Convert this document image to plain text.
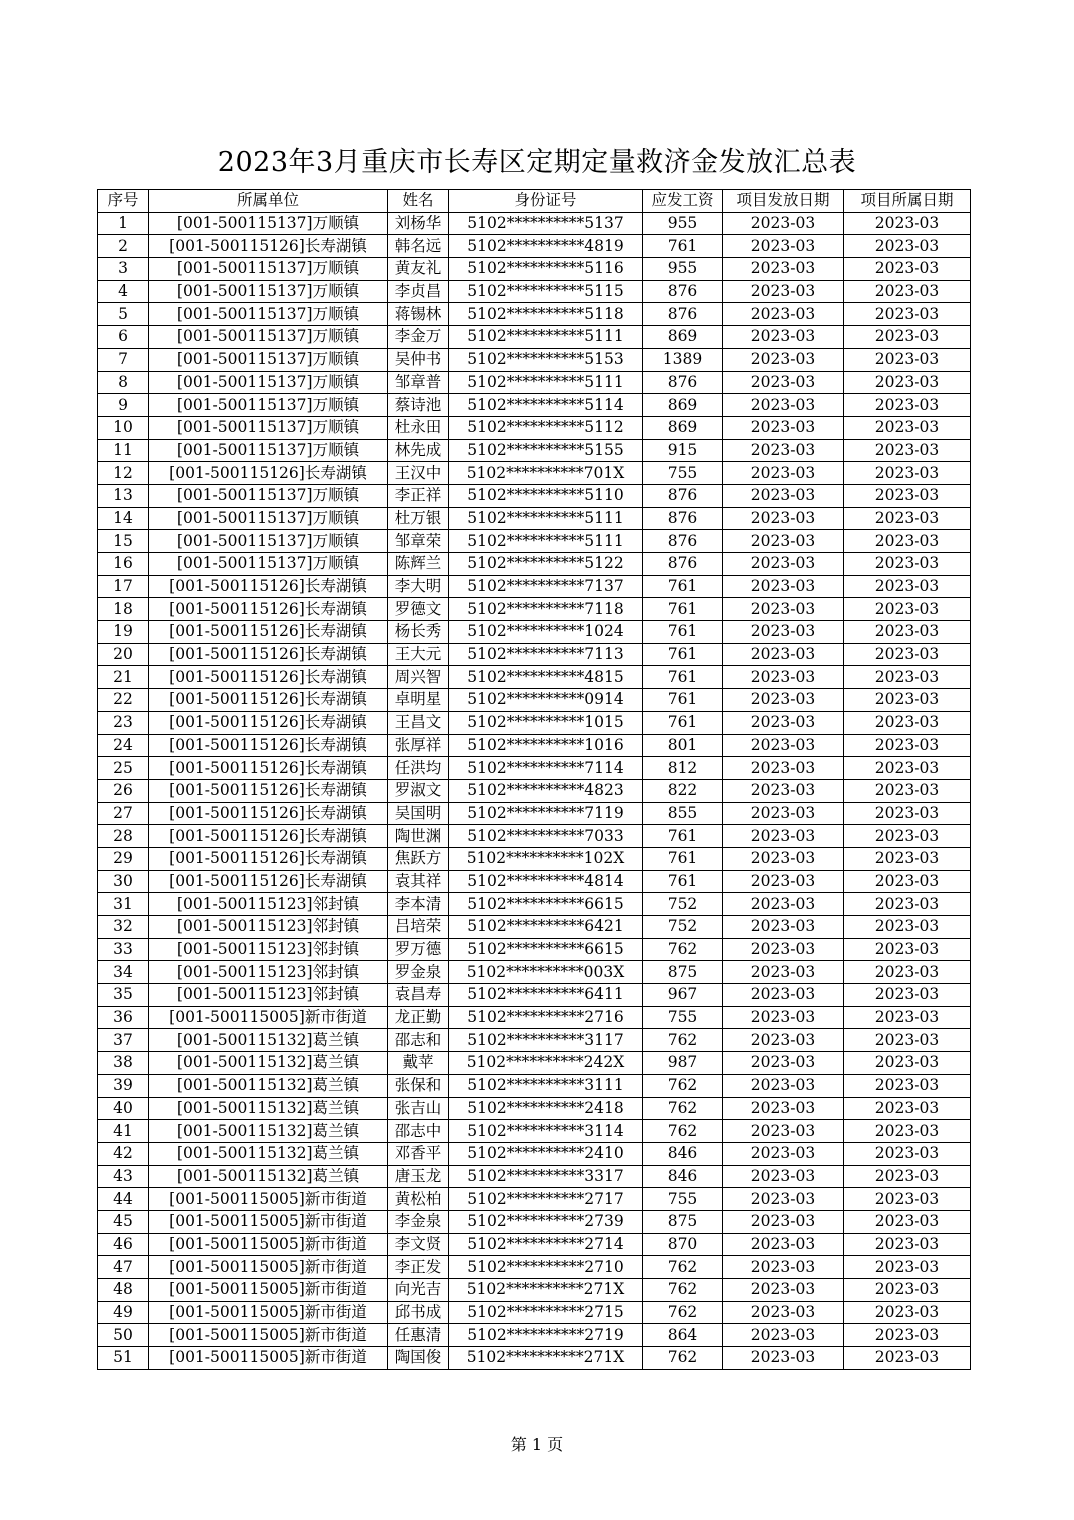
2023年3月重庆市长寿区定期定量救济金发放汇总表
序号	所属单位	姓名	身份证号	应发工资	项目发放日期	项目所属日期
1	[001-500115137]万顺镇	刘杨华	5102**********5137	955	2023-03	2023-03
2	[001-500115126]长寿湖镇	韩名远	5102**********4819	761	2023-03	2023-03
3	[001-500115137]万顺镇	黄友礼	5102**********5116	955	2023-03	2023-03
4	[001-500115137]万顺镇	李贞昌	5102**********5115	876	2023-03	2023-03
5	[001-500115137]万顺镇	蒋锡林	5102**********5118	876	2023-03	2023-03
6	[001-500115137]万顺镇	李金万	5102**********5111	869	2023-03	2023-03
7	[001-500115137]万顺镇	吴仲书	5102**********5153	1389	2023-03	2023-03
8	[001-500115137]万顺镇	邹章普	5102**********5111	876	2023-03	2023-03
9	[001-500115137]万顺镇	蔡诗池	5102**********5114	869	2023-03	2023-03
10	[001-500115137]万顺镇	杜永田	5102**********5112	869	2023-03	2023-03
11	[001-500115137]万顺镇	林先成	5102**********5155	915	2023-03	2023-03
12	[001-500115126]长寿湖镇	王汉中	5102**********701X	755	2023-03	2023-03
13	[001-500115137]万顺镇	李正祥	5102**********5110	876	2023-03	2023-03
14	[001-500115137]万顺镇	杜万银	5102**********5111	876	2023-03	2023-03
15	[001-500115137]万顺镇	邹章荣	5102**********5111	876	2023-03	2023-03
16	[001-500115137]万顺镇	陈辉兰	5102**********5122	876	2023-03	2023-03
17	[001-500115126]长寿湖镇	李大明	5102**********7137	761	2023-03	2023-03
18	[001-500115126]长寿湖镇	罗德文	5102**********7118	761	2023-03	2023-03
19	[001-500115126]长寿湖镇	杨长秀	5102**********1024	761	2023-03	2023-03
20	[001-500115126]长寿湖镇	王大元	5102**********7113	761	2023-03	2023-03
21	[001-500115126]长寿湖镇	周兴智	5102**********4815	761	2023-03	2023-03
22	[001-500115126]长寿湖镇	卓明星	5102**********0914	761	2023-03	2023-03
23	[001-500115126]长寿湖镇	王昌文	5102**********1015	761	2023-03	2023-03
24	[001-500115126]长寿湖镇	张厚祥	5102**********1016	801	2023-03	2023-03
25	[001-500115126]长寿湖镇	任洪均	5102**********7114	812	2023-03	2023-03
26	[001-500115126]长寿湖镇	罗淑文	5102**********4823	822	2023-03	2023-03
27	[001-500115126]长寿湖镇	吴国明	5102**********7119	855	2023-03	2023-03
28	[001-500115126]长寿湖镇	陶世渊	5102**********7033	761	2023-03	2023-03
29	[001-500115126]长寿湖镇	焦跃方	5102**********102X	761	2023-03	2023-03
30	[001-500115126]长寿湖镇	袁其祥	5102**********4814	761	2023-03	2023-03
31	[001-500115123]邻封镇	李本清	5102**********6615	752	2023-03	2023-03
32	[001-500115123]邻封镇	吕培荣	5102**********6421	752	2023-03	2023-03
33	[001-500115123]邻封镇	罗万德	5102**********6615	762	2023-03	2023-03
34	[001-500115123]邻封镇	罗金泉	5102**********003X	875	2023-03	2023-03
35	[001-500115123]邻封镇	袁昌寿	5102**********6411	967	2023-03	2023-03
36	[001-500115005]新市街道	龙正勤	5102**********2716	755	2023-03	2023-03
37	[001-500115132]葛兰镇	邵志和	5102**********3117	762	2023-03	2023-03
38	[001-500115132]葛兰镇	戴苹	5102**********242X	987	2023-03	2023-03
39	[001-500115132]葛兰镇	张保和	5102**********3111	762	2023-03	2023-03
40	[001-500115132]葛兰镇	张吉山	5102**********2418	762	2023-03	2023-03
41	[001-500115132]葛兰镇	邵志中	5102**********3114	762	2023-03	2023-03
42	[001-500115132]葛兰镇	邓香平	5102**********2410	846	2023-03	2023-03
43	[001-500115132]葛兰镇	唐玉龙	5102**********3317	846	2023-03	2023-03
44	[001-500115005]新市街道	黄松柏	5102**********2717	755	2023-03	2023-03
45	[001-500115005]新市街道	李金泉	5102**********2739	875	2023-03	2023-03
46	[001-500115005]新市街道	李文贤	5102**********2714	870	2023-03	2023-03
47	[001-500115005]新市街道	李正发	5102**********2710	762	2023-03	2023-03
48	[001-500115005]新市街道	向光吉	5102**********271X	762	2023-03	2023-03
49	[001-500115005]新市街道	邱书成	5102**********2715	762	2023-03	2023-03
50	[001-500115005]新市街道	任惠清	5102**********2719	864	2023-03	2023-03
51	[001-500115005]新市街道	陶国俊	5102**********271X	762	2023-03	2023-03
第 1 页
